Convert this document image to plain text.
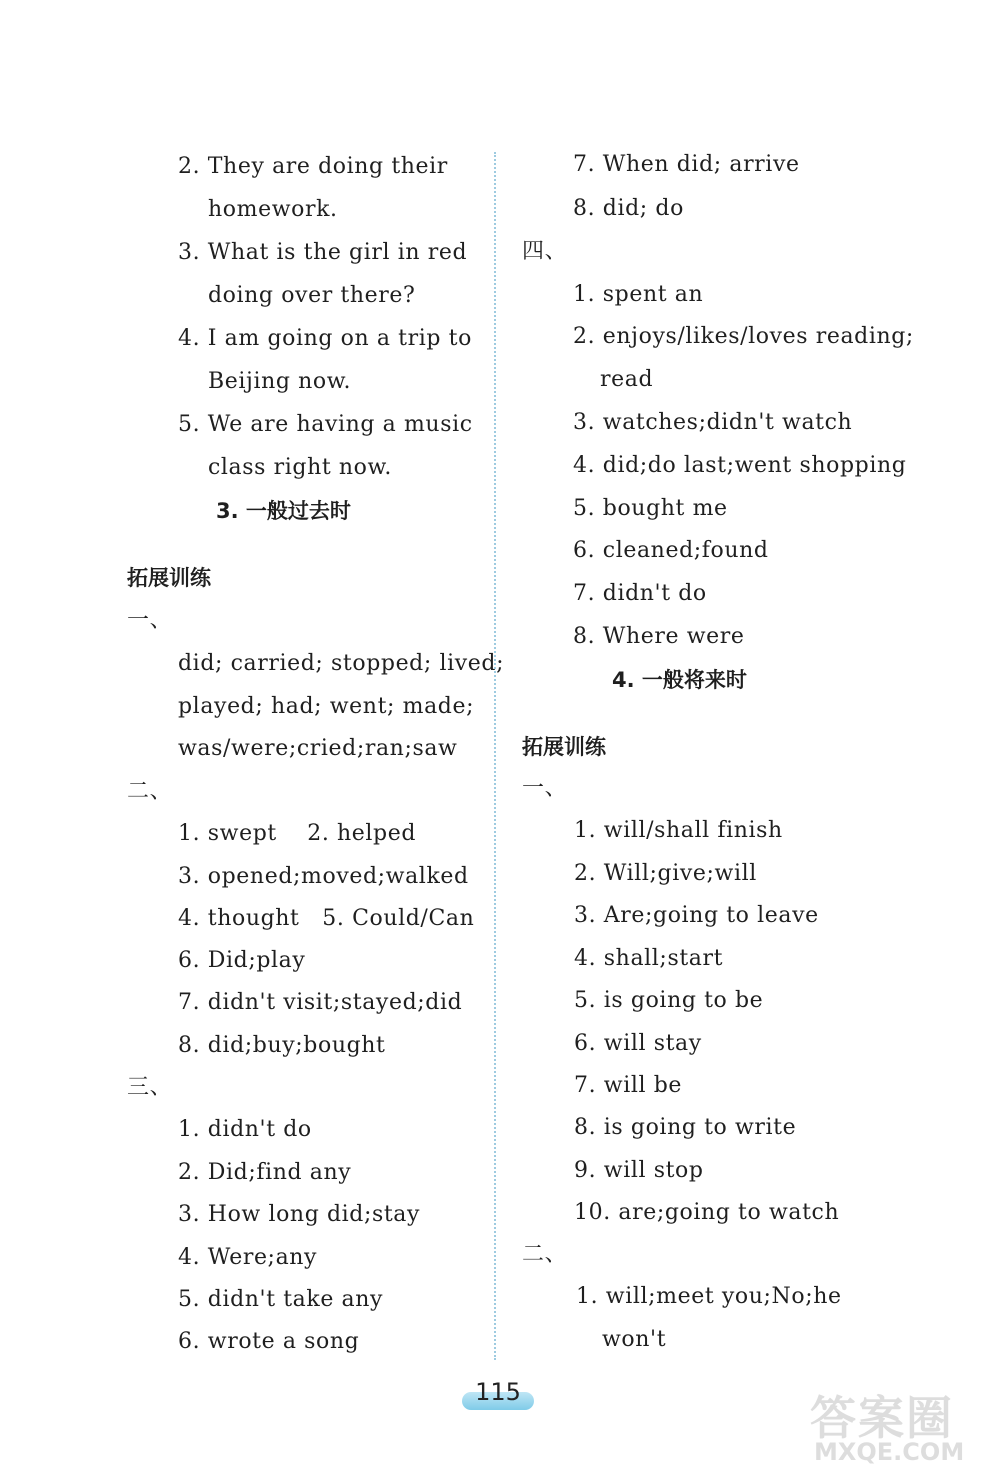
2. They are doing their
homework.
3. What is the girl in red
doing over there?
4. I am going on a trip to
Beijing now.
5. We are having a music
class right now.
3. 一般过去时
拓展训练
一、
did; carried; stopped; lived;
played; had; went; made;
was/were;cried;ran;saw
二、
1. swept    2. helped
3. opened;moved;walked
4. thought   5. Could/Can
6. Did;play
7. didn't visit;stayed;did
8. did;buy;bought
三、
1. didn't do
2. Did;find any
3. How long did;stay
4. Were;any
5. didn't take any
6. wrote a song
7. When did; arrive
8. did; do
四、
1. spent an
2. enjoys/likes/loves reading;
read
3. watches;didn't watch
4. did;do last;went shopping
5. bought me
6. cleaned;found
7. didn't do
8. Where were
4. 一般将来时
拓展训练
一、
1. will/shall finish
2. Will;give;will
3. Are;going to leave
4. shall;start
5. is going to be
6. will stay
7. will be
8. is going to write
9. will stop
10. are;going to watch
二、
1. will;meet you;No;he
won't
115	答案圈
MXQE.COM
